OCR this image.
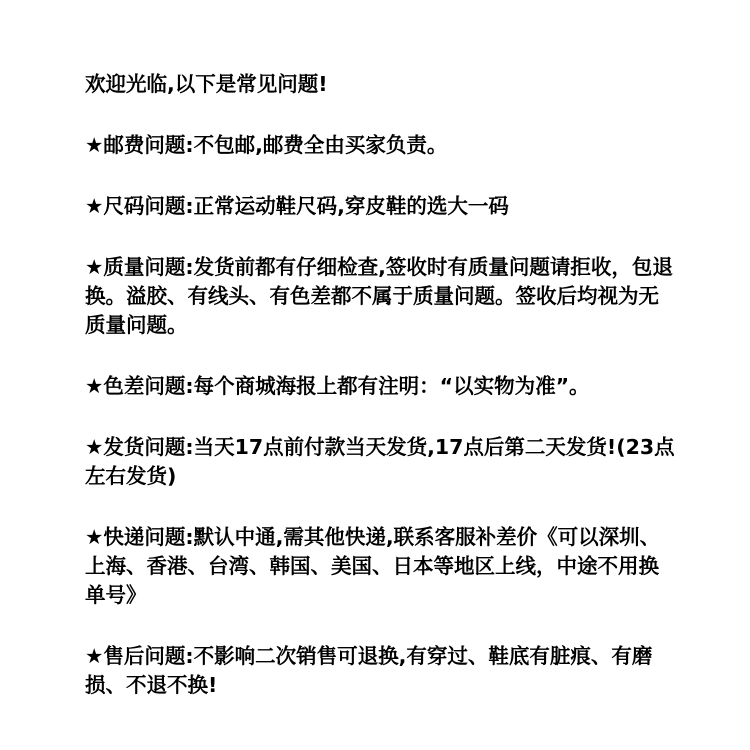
欢迎光临,以下是常见问题!

★邮费问题:不包邮,邮费全由买家负责。

★尺码问题:正常运动鞋尺码,穿皮鞋的选大一码

★质量问题:发货前都有仔细检查,签收时有质量问题请拒收，包退换。溢胶、有线头、有色差都不属于质量问题。签收后均视为无质量问题。

★色差问题:每个商城海报上都有注明：“以实物为准”。

★发货问题:当天17点前付款当天发货,17点后第二天发货!(23点左右发货)

★快递问题:默认中通,需其他快递,联系客服补差价《可以深圳、上海、香港、台湾、韩国、美国、日本等地区上线，中途不用换单号》

★售后问题:不影响二次销售可退换,有穿过、鞋底有脏痕、有磨损、不退不换!
